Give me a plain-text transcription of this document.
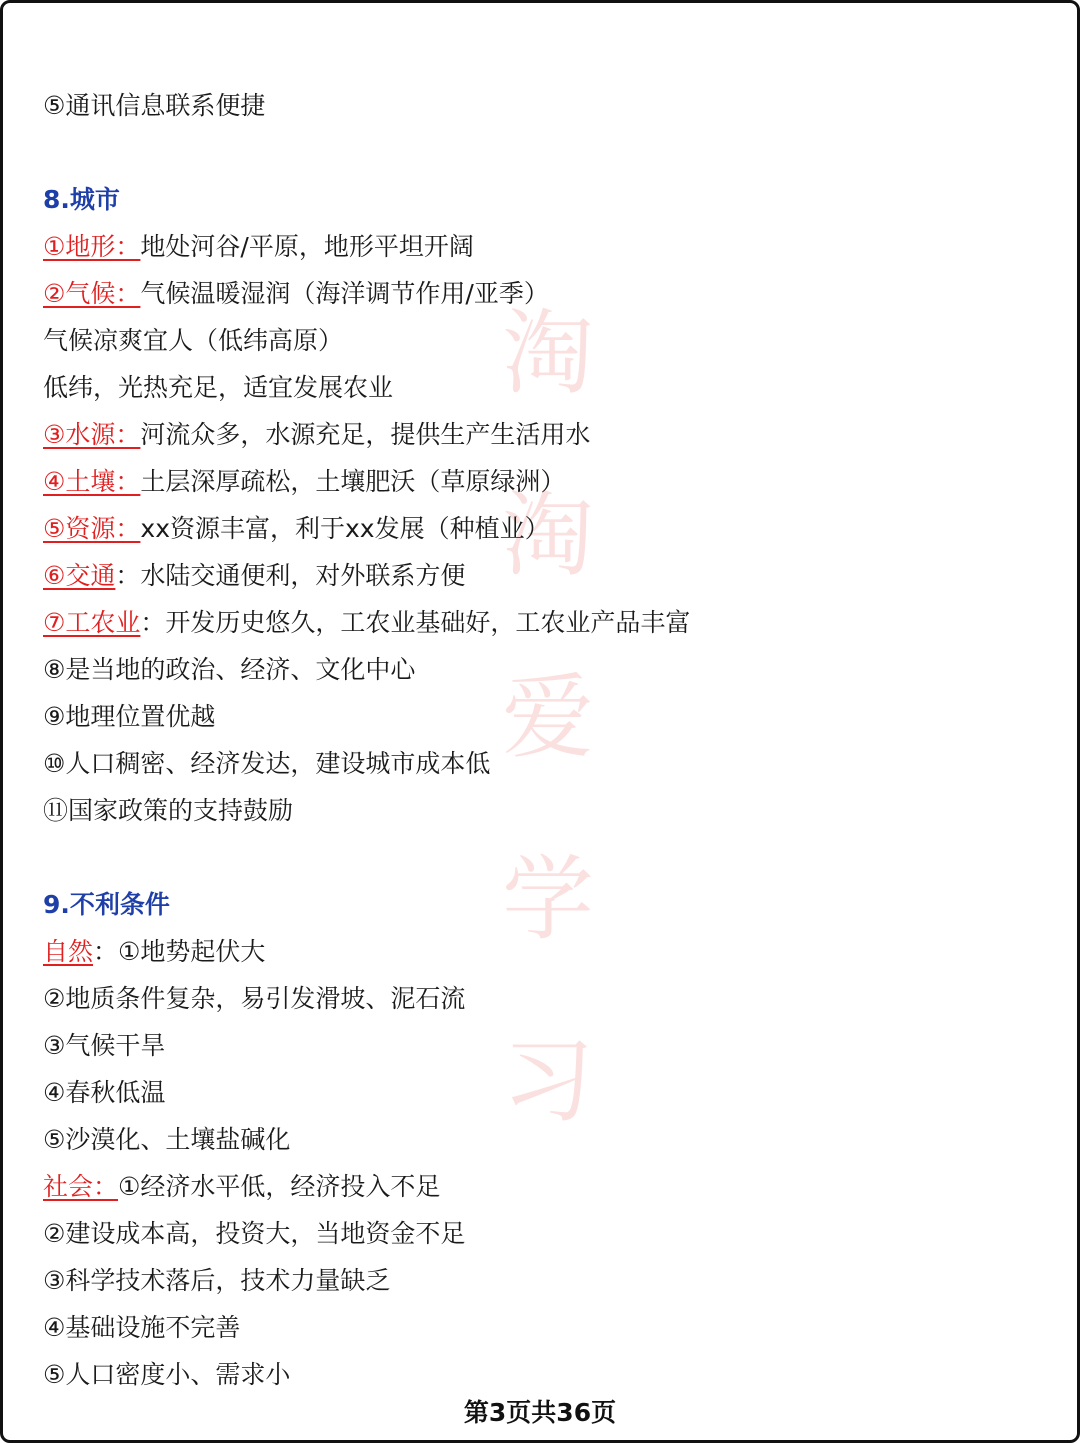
淘
淘
爱
学
习
⑤通讯信息联系便捷
8.城市
①地形：地处河谷/平原，地形平坦开阔
②气候：气候温暖湿润（海洋调节作用/亚季）
气候凉爽宜人（低纬高原）
低纬，光热充足，适宜发展农业
③水源：河流众多，水源充足，提供生产生活用水
④土壤：土层深厚疏松，土壤肥沃（草原绿洲）
⑤资源：xx资源丰富，利于xx发展（种植业）
⑥交通：水陆交通便利，对外联系方便
⑦工农业：开发历史悠久，工农业基础好，工农业产品丰富
⑧是当地的政治、经济、文化中心
⑨地理位置优越
⑩人口稠密、经济发达，建设城市成本低
⑪国家政策的支持鼓励
9.不利条件
自然：①地势起伏大
②地质条件复杂，易引发滑坡、泥石流
③气候干旱
④春秋低温
⑤沙漠化、土壤盐碱化
社会：①经济水平低，经济投入不足
②建设成本高，投资大，当地资金不足
③科学技术落后，技术力量缺乏
④基础设施不完善
⑤人口密度小、需求小
第3页共36页
